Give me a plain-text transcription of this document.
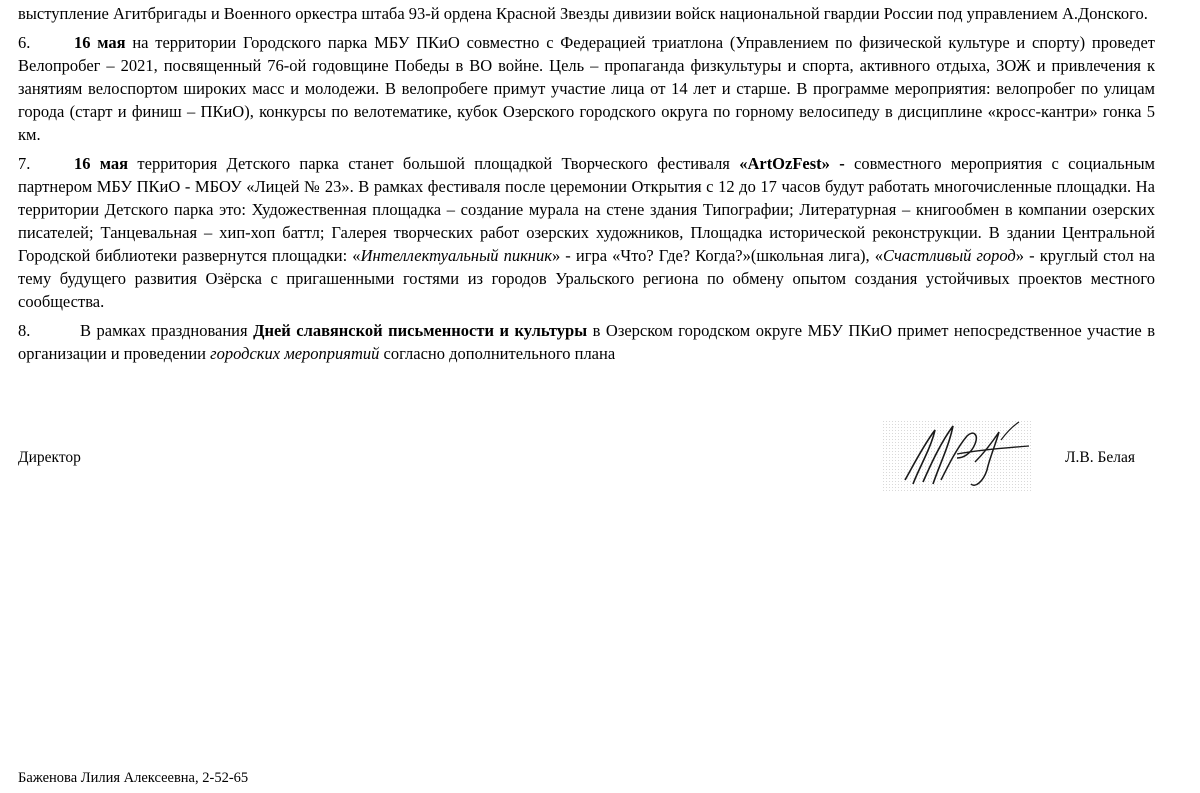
выступление Агитбригады и Военного оркестра штаба 93-й ордена Красной Звезды дивизии войск национальной гвардии России под управлением А.Донского.

6.	16 мая на территории Городского парка МБУ ПКиО совместно с Федерацией триатлона (Управлением по физической культуре и спорту) проведет Велопробег – 2021, посвященный 76-ой годовщине Победы в ВО войне. Цель – пропаганда физкультуры и спорта, активного отдыха, ЗОЖ и привлечения к занятиям велоспортом широких масс и молодежи. В велопробеге примут участие лица от 14 лет и старше. В программе мероприятия: велопробег по улицам города (старт и финиш – ПКиО), конкурсы по велотематике, кубок Озерского городского округа по горному велосипеду в дисциплине «кросс-кантри» гонка 5 км.

7.	16 мая территория Детского парка станет большой площадкой Творческого фестиваля «ArtOzFest» - совместного мероприятия с социальным партнером МБУ ПКиО - МБОУ «Лицей № 23». В рамках фестиваля после церемонии Открытия с 12 до 17 часов будут работать многочисленные площадки. На территории Детского парка это: Художественная площадка – создание мурала на стене здания Типографии; Литературная – книгообмен в компании озерских писателей; Танцевальная – хип-хоп баттл; Галерея творческих работ озерских художников, Площадка исторической реконструкции. В здании Центральной Городской библиотеки развернутся площадки: «Интеллектуальный пикник» - игра «Что? Где? Когда?»(школьная лига), «Счастливый город» - круглый стол на тему будущего развития Озёрска с пригашенными гостями из городов Уральского региона по обмену опытом создания устойчивых проектов местного сообщества.

8.	В рамках празднования Дней славянской письменности и культуры в Озерском городском округе МБУ ПКиО примет непосредственное участие в организации и проведении городских мероприятий согласно дополнительного плана

Директор	Л.В. Белая
Баженова Лилия Алексеевна, 2-52-65
